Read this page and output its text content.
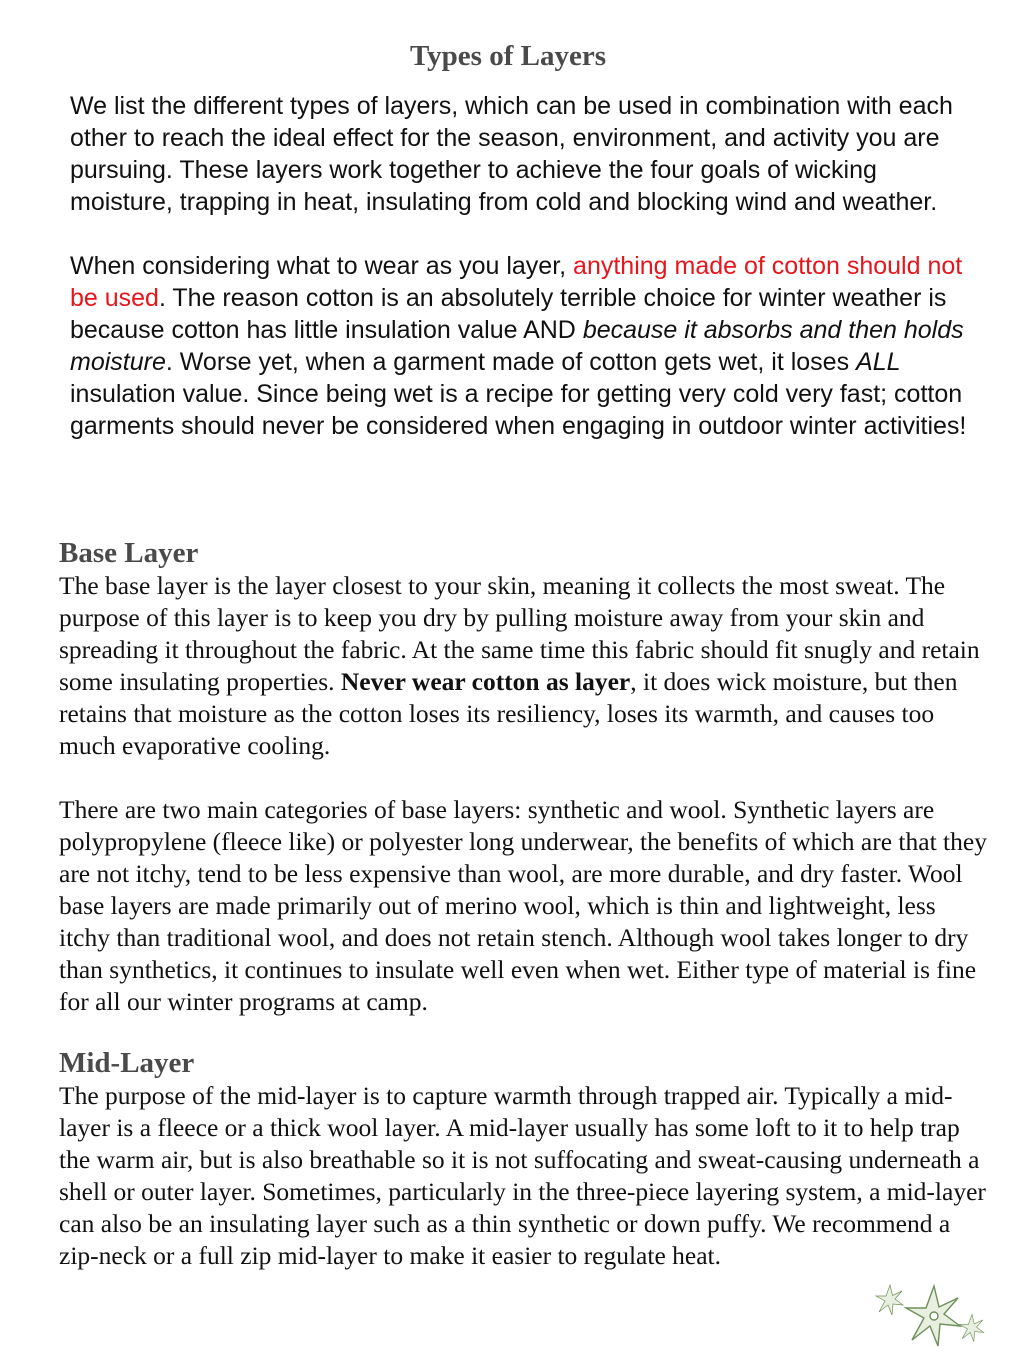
Types of Layers

We list the different types of layers, which can be used in combination with each other to reach the ideal effect for the season, environment, and activity you are pursuing. These layers work together to achieve the four goals of wicking moisture, trapping in heat, insulating from cold and blocking wind and weather.

When considering what to wear as you layer, anything made of cotton should not be used. The reason cotton is an absolutely terrible choice for winter weather is because cotton has little insulation value AND because it absorbs and then holds moisture. Worse yet, when a garment made of cotton gets wet, it loses ALL insulation value. Since being wet is a recipe for getting very cold very fast; cotton garments should never be considered when engaging in outdoor winter activities!

Base Layer

The base layer is the layer closest to your skin, meaning it collects the most sweat. The purpose of this layer is to keep you dry by pulling moisture away from your skin and spreading it throughout the fabric. At the same time this fabric should fit snugly and retain some insulating properties. Never wear cotton as layer, it does wick moisture, but then retains that moisture as the cotton loses its resiliency, loses its warmth, and causes too much evaporative cooling.

There are two main categories of base layers: synthetic and wool. Synthetic layers are polypropylene (fleece like) or polyester long underwear, the benefits of which are that they are not itchy, tend to be less expensive than wool, are more durable, and dry faster. Wool base layers are made primarily out of merino wool, which is thin and lightweight, less itchy than traditional wool, and does not retain stench. Although wool takes longer to dry than synthetics, it continues to insulate well even when wet. Either type of material is fine for all our winter programs at camp.

Mid-Layer

The purpose of the mid-layer is to capture warmth through trapped air. Typically a mid-layer is a fleece or a thick wool layer. A mid-layer usually has some loft to it to help trap the warm air, but is also breathable so it is not suffocating and sweat-causing underneath a shell or outer layer. Sometimes, particularly in the three-piece layering system, a mid-layer can also be an insulating layer such as a thin synthetic or down puffy. We recommend a zip-neck or a full zip mid-layer to make it easier to regulate heat.
